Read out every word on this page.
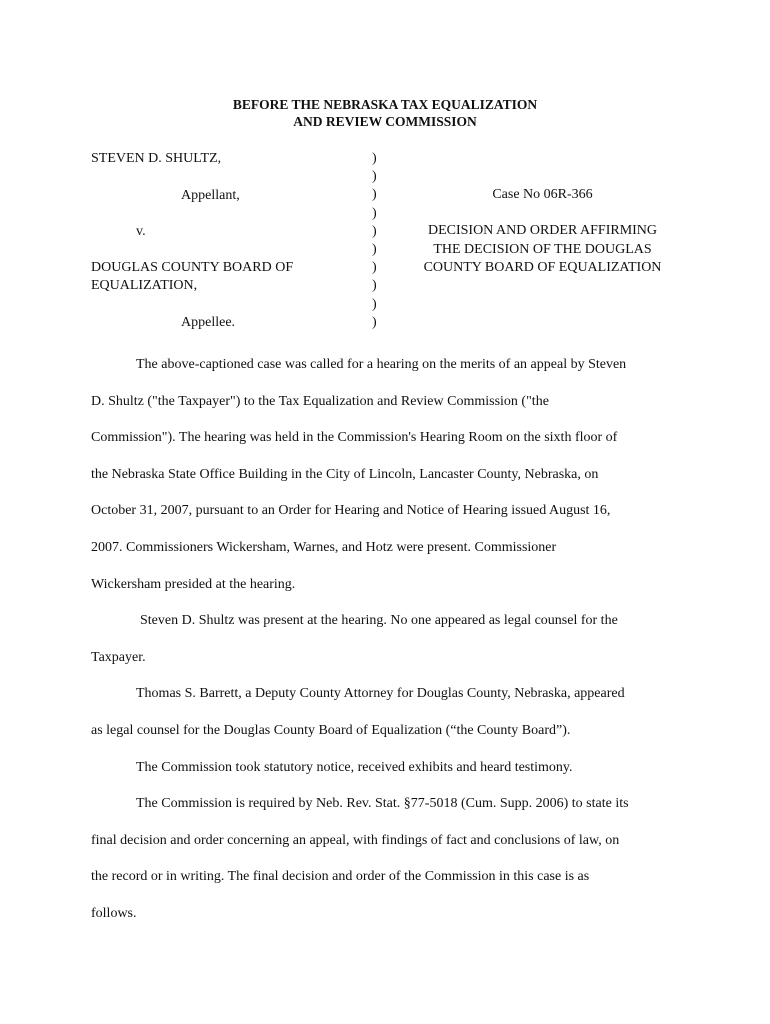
BEFORE THE NEBRASKA TAX EQUALIZATION
AND REVIEW COMMISSION
STEVEN D. SHULTZ,
Appellant,
v.
DOUGLAS COUNTY BOARD OF
EQUALIZATION,
Appellee.
)
)
)
)
)
)
)
)
)
)
Case No 06R-366
DECISION AND ORDER AFFIRMING
THE DECISION OF THE DOUGLAS
COUNTY BOARD OF EQUALIZATION

The above-captioned case was called for a hearing on the merits of an appeal by Steven
D. Shultz ("the Taxpayer") to the Tax Equalization and Review Commission ("the
Commission"). The hearing was held in the Commission's Hearing Room on the sixth floor of
the Nebraska State Office Building in the City of Lincoln, Lancaster County, Nebraska, on
October 31, 2007, pursuant to an Order for Hearing and Notice of Hearing issued August 16,
2007. Commissioners Wickersham, Warnes, and Hotz were present. Commissioner
Wickersham presided at the hearing.

Steven D. Shultz was present at the hearing. No one appeared as legal counsel for the
Taxpayer.

Thomas S. Barrett, a Deputy County Attorney for Douglas County, Nebraska, appeared
as legal counsel for the Douglas County Board of Equalization (“the County Board”).

The Commission took statutory notice, received exhibits and heard testimony.

The Commission is required by Neb. Rev. Stat. §77-5018 (Cum. Supp. 2006) to state its
final decision and order concerning an appeal, with findings of fact and conclusions of law, on
the record or in writing. The final decision and order of the Commission in this case is as
follows.
